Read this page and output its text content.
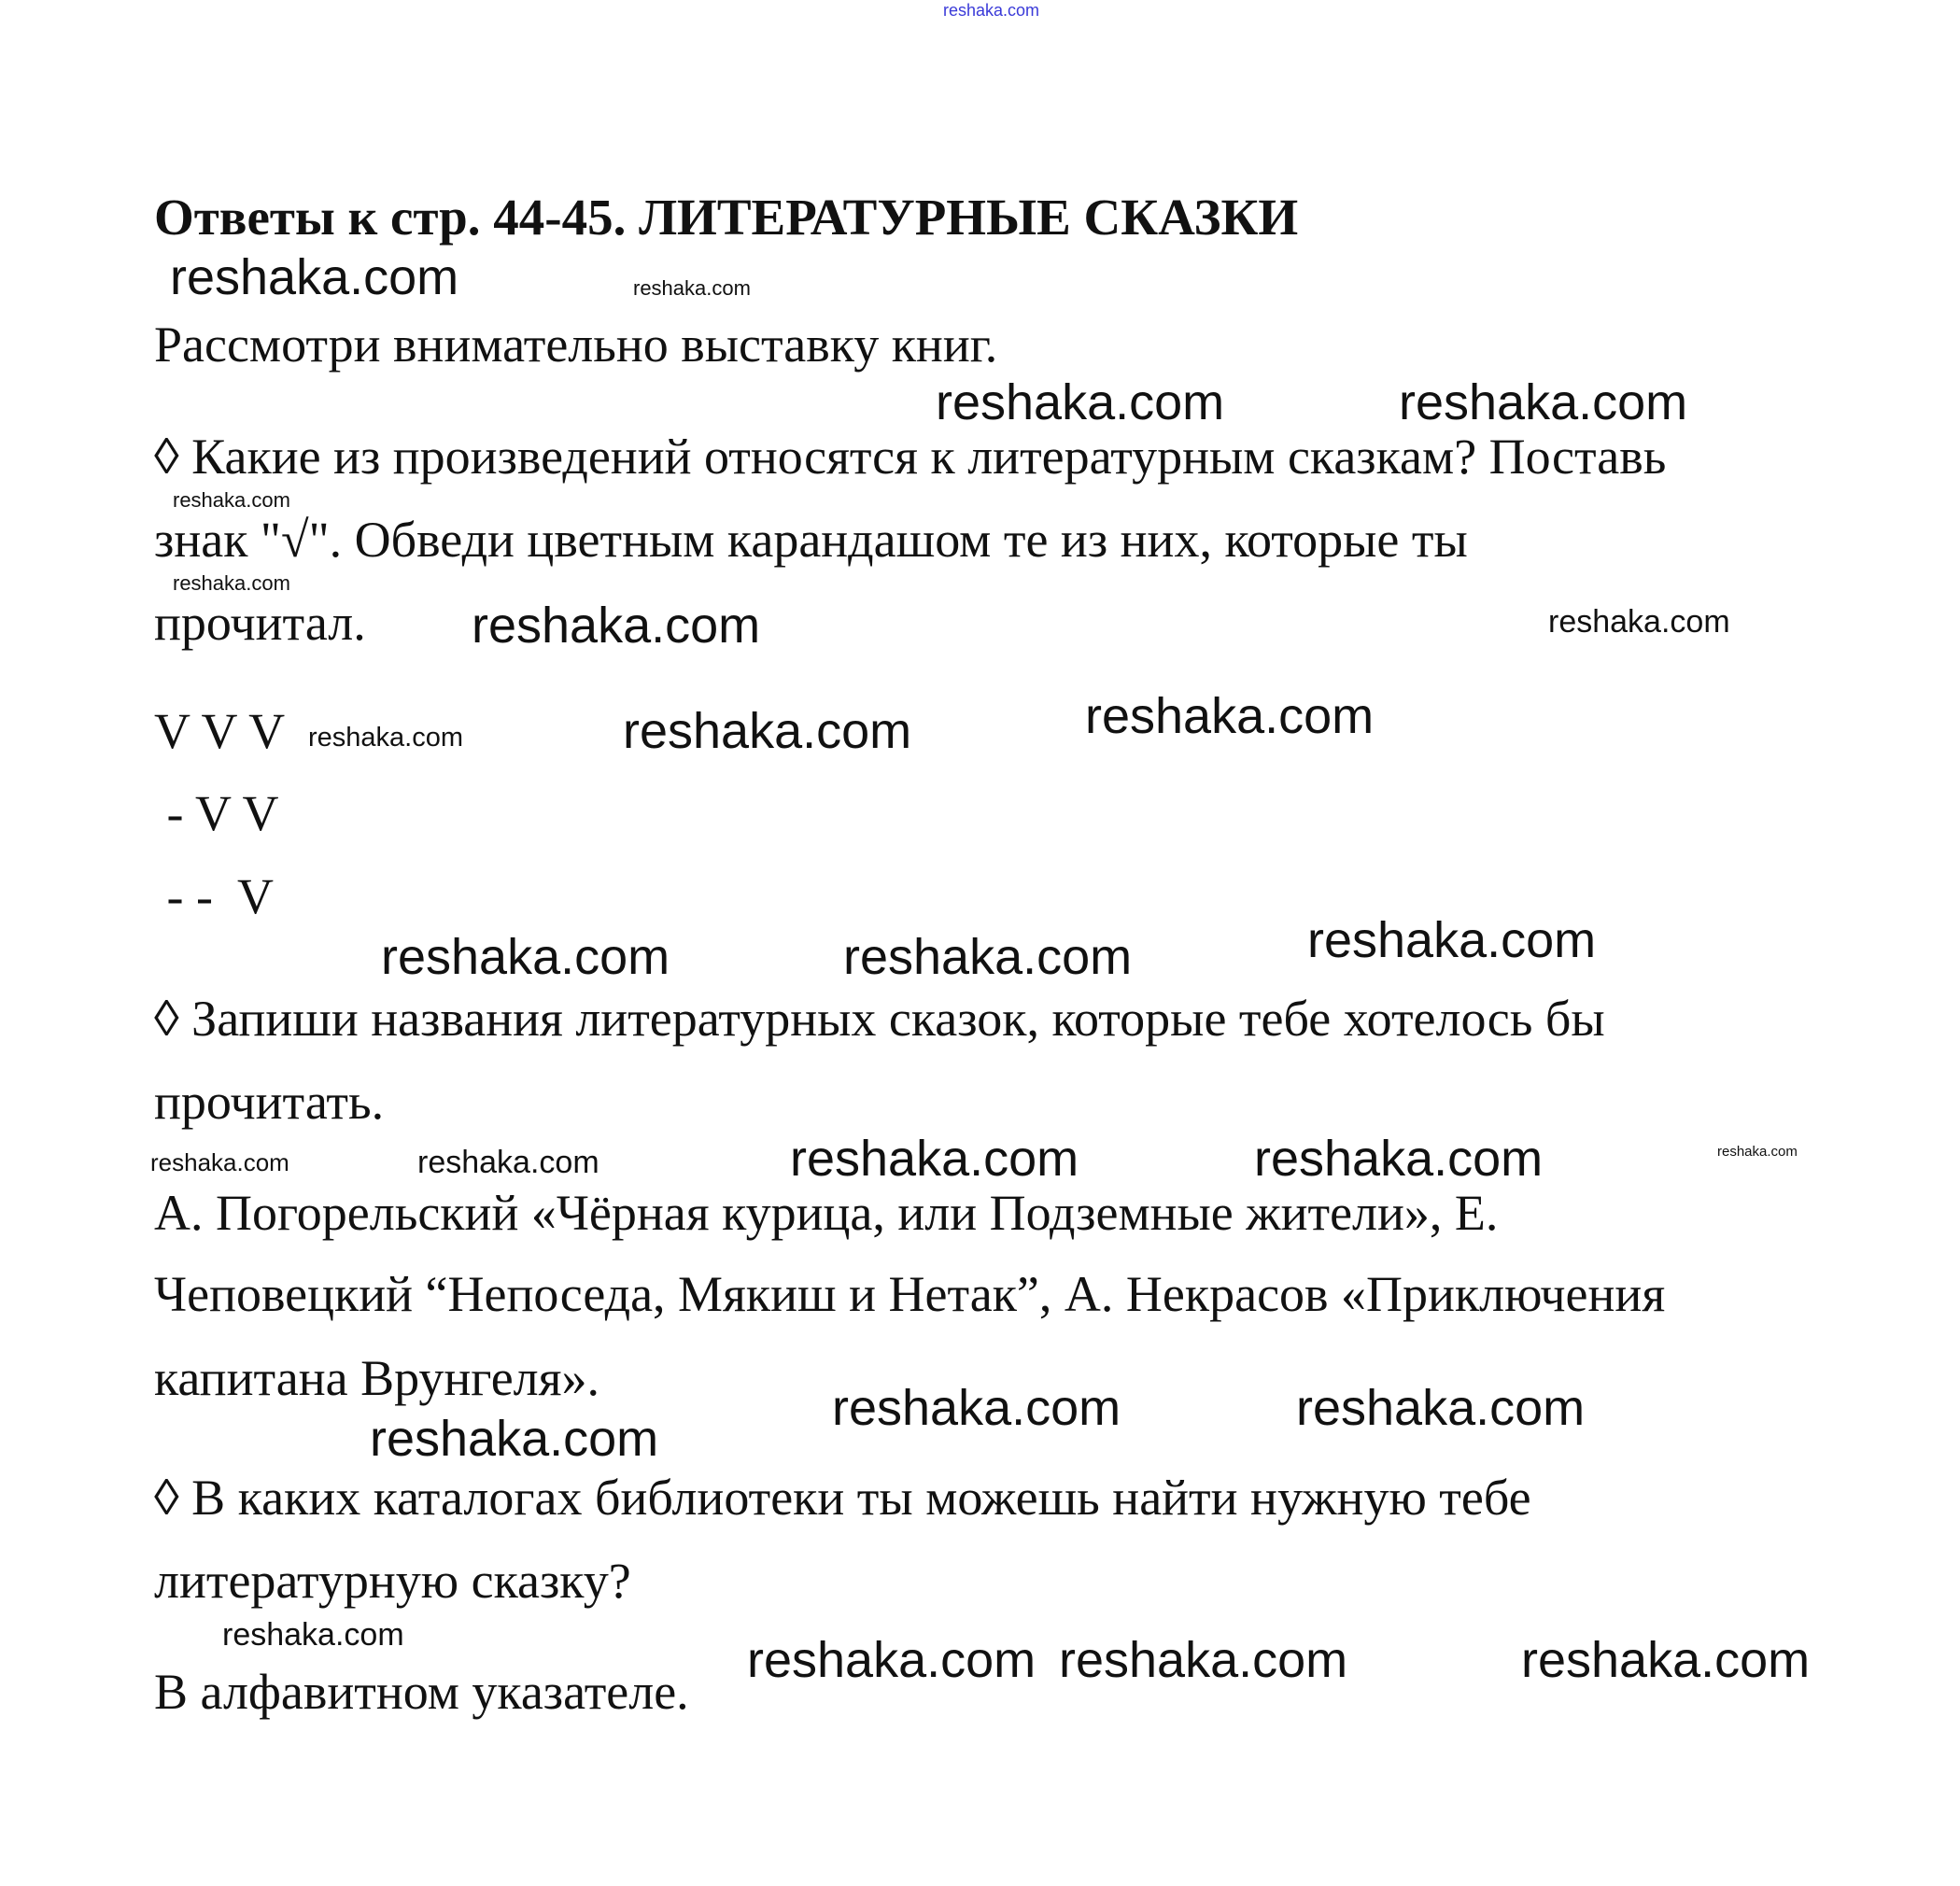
reshaka.com
Ответы к стр. 44-45. ЛИТЕРАТУРНЫЕ СКАЗКИ
Рассмотри внимательно выставку книг.
◊ Какие из произведений относятся к литературным сказкам? Поставь
знак "√". Обведи цветным карандашом те из них, которые ты
прочитал.
V V V
- V V
- -  V
◊ Запиши названия литературных сказок, которые тебе хотелось бы
прочитать.
А. Погорельский «Чёрная курица, или Подземные жители», Е.
Чеповецкий “Непоседа, Мякиш и Нетак”, А. Некрасов «Приключения
капитана Врунгеля».
◊ В каких каталогах библиотеки ты можешь найти нужную тебе
литературную сказку?
В алфавитном указателе.
reshaka.com	reshaka.com
reshaka.com
reshaka.com
reshaka.com
reshaka.com
reshaka.com
reshaka.com
reshaka.com	reshaka.com	reshaka.com
reshaka.com	reshaka.com	reshaka.com
reshaka.com
reshaka.com	reshaka.com	reshaka.com	reshaka.com
reshaka.com	reshaka.com
reshaka.com
reshaka.com	reshaka.com
reshaka.com	reshaka.com
